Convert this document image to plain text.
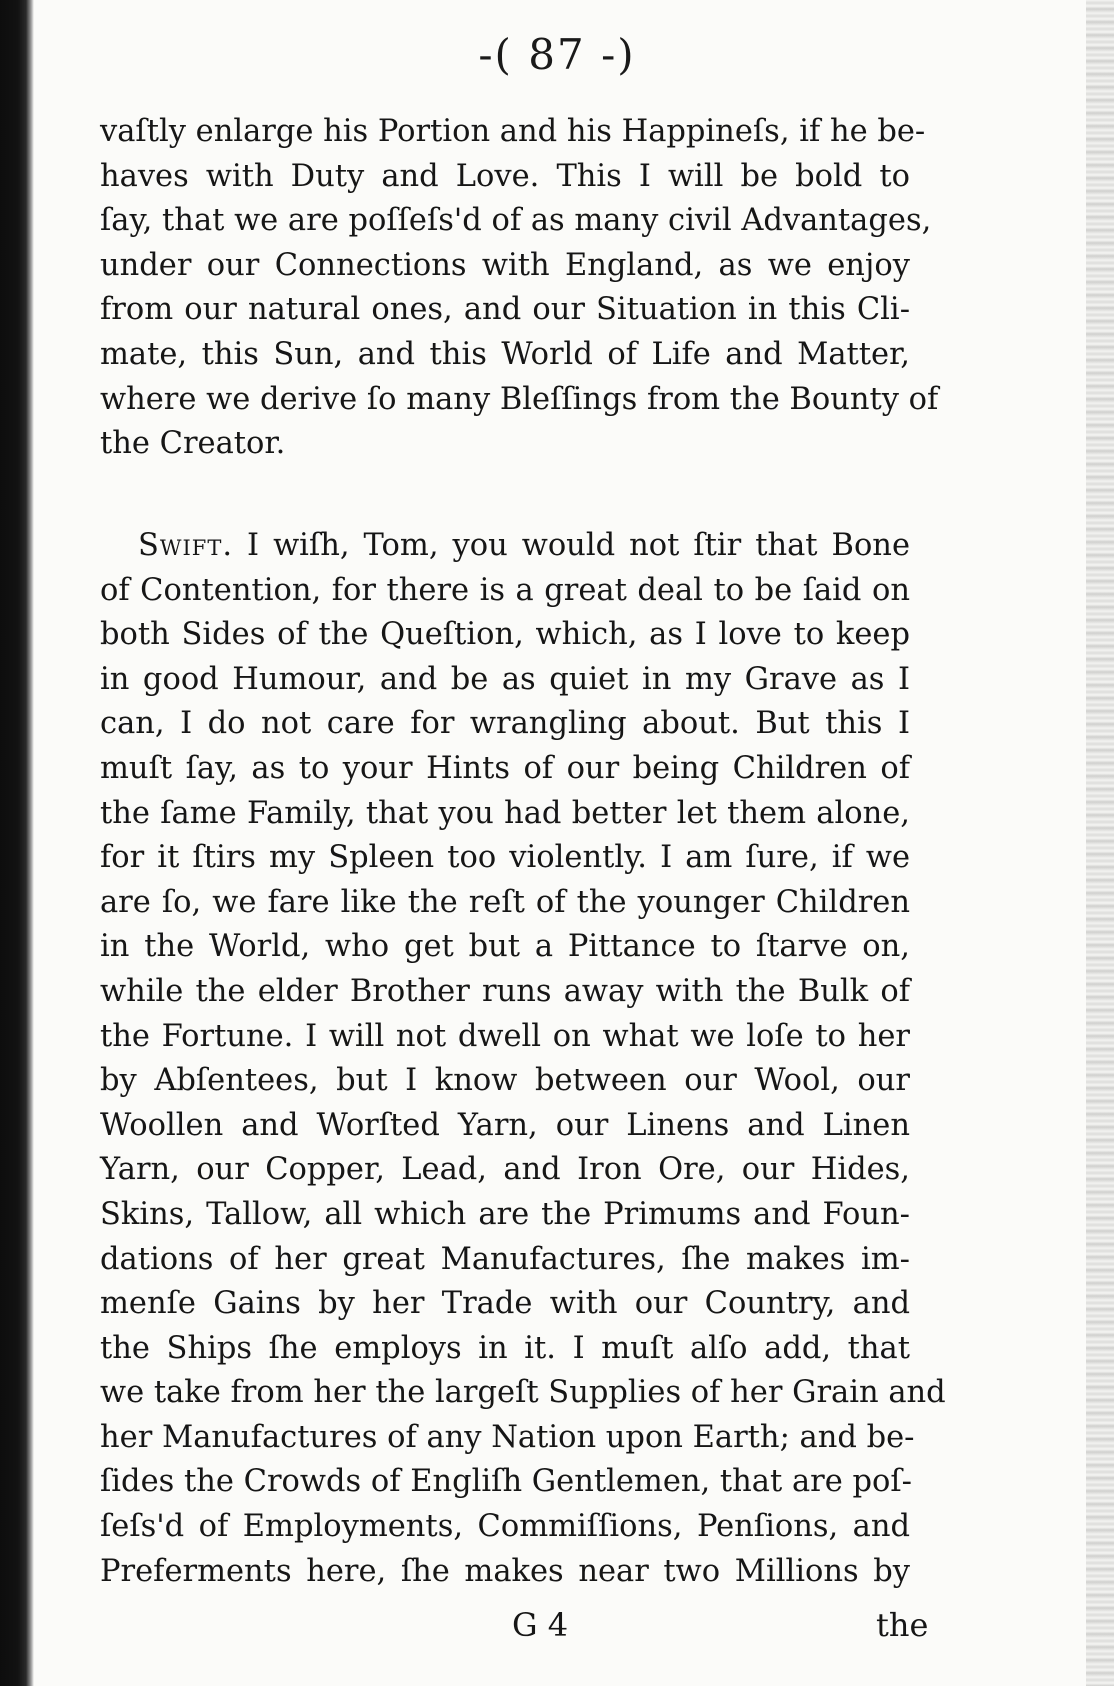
-( 87 -)
vaſtly enlarge his Portion and his Happineſs, if he be-
haves with Duty and Love. This I will be bold to
ſay, that we are poſſeſs'd of as many civil Advantages,
under our Connections with England, as we enjoy
from our natural ones, and our Situation in this Cli-
mate, this Sun, and this World of Life and Matter,
where we derive ſo many Bleſſings from the Bounty of
the Creator.
Swift. I wiſh, Tom, you would not ſtir that Bone
of Contention, for there is a great deal to be ſaid on
both Sides of the Queſtion, which, as I love to keep
in good Humour, and be as quiet in my Grave as I
can, I do not care for wrangling about. But this I
muſt ſay, as to your Hints of our being Children of
the ſame Family, that you had better let them alone,
for it ſtirs my Spleen too violently. I am ſure, if we
are ſo, we fare like the reſt of the younger Children
in the World, who get but a Pittance to ſtarve on,
while the elder Brother runs away with the Bulk of
the Fortune. I will not dwell on what we loſe to her
by Abſentees, but I know between our Wool, our
Woollen and Worſted Yarn, our Linens and Linen
Yarn, our Copper, Lead, and Iron Ore, our Hides,
Skins, Tallow, all which are the Primums and Foun-
dations of her great Manufactures, ſhe makes im-
menſe Gains by her Trade with our Country, and
the Ships ſhe employs in it. I muſt alſo add, that
we take from her the largeſt Supplies of her Grain and
her Manufactures of any Nation upon Earth; and be-
ſides the Crowds of Engliſh Gentlemen, that are poſ-
ſeſs'd of Employments, Commiſſions, Penſions, and
Preferments here, ſhe makes near two Millions by
G 4	the
